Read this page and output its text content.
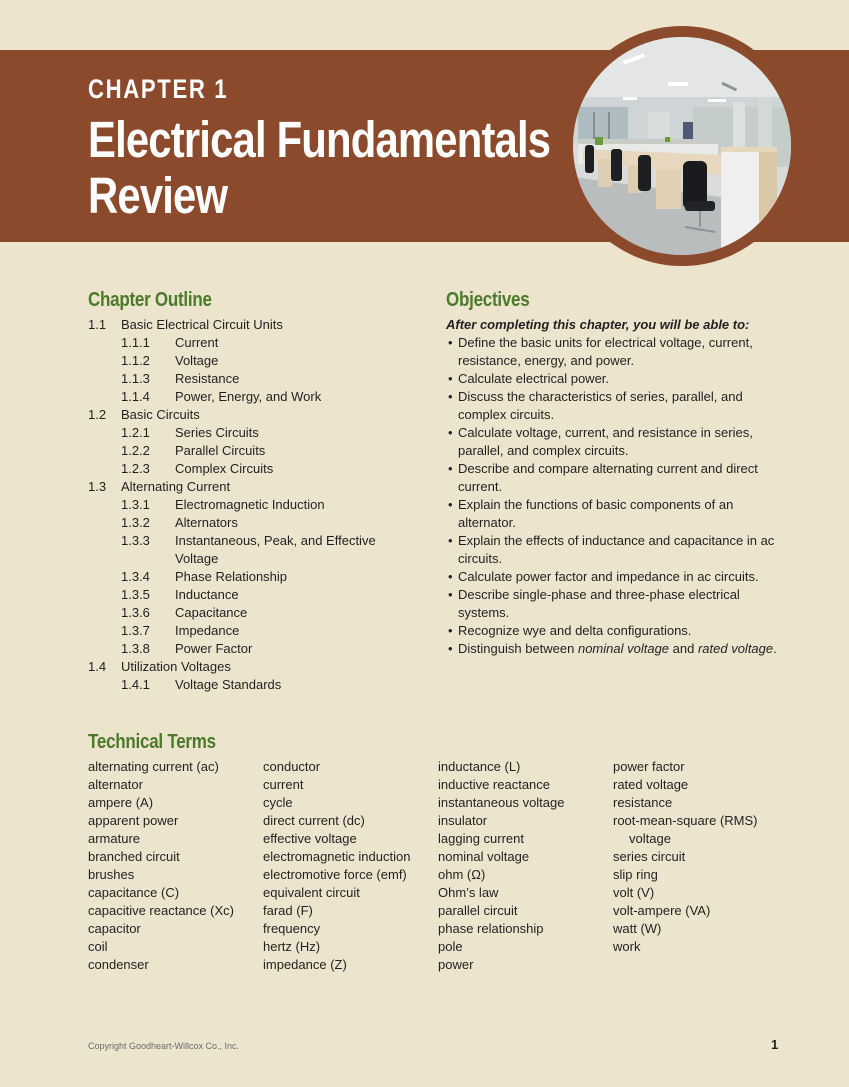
CHAPTER 1
Electrical Fundamentals
Review
Chapter Outline
1.1 Basic Electrical Circuit Units
1.1.1 Current
1.1.2 Voltage
1.1.3 Resistance
1.1.4 Power, Energy, and Work
1.2 Basic Circuits
1.2.1 Series Circuits
1.2.2 Parallel Circuits
1.2.3 Complex Circuits
1.3 Alternating Current
1.3.1 Electromagnetic Induction
1.3.2 Alternators
1.3.3 Instantaneous, Peak, and Effective
Voltage
1.3.4 Phase Relationship
1.3.5 Inductance
1.3.6 Capacitance
1.3.7 Impedance
1.3.8 Power Factor
1.4 Utilization Voltages
1.4.1 Voltage Standards
Objectives
After completing this chapter, you will be able to:
• Define the basic units for electrical voltage, current, resistance, energy, and power.
• Calculate electrical power.
• Discuss the characteristics of series, parallel, and complex circuits.
• Calculate voltage, current, and resistance in series, parallel, and complex circuits.
• Describe and compare alternating current and direct current.
• Explain the functions of basic components of an alternator.
• Explain the effects of inductance and capacitance in ac circuits.
• Calculate power factor and impedance in ac circuits.
• Describe single-phase and three-phase electrical systems.
• Recognize wye and delta configurations.
• Distinguish between nominal voltage and rated voltage.
Technical Terms
alternating current (ac)
alternator
ampere (A)
apparent power
armature
branched circuit
brushes
capacitance (C)
capacitive reactance (Xc)
capacitor
coil
condenser
conductor
current
cycle
direct current (dc)
effective voltage
electromagnetic induction
electromotive force (emf)
equivalent circuit
farad (F)
frequency
hertz (Hz)
impedance (Z)
inductance (L)
inductive reactance
instantaneous voltage
insulator
lagging current
nominal voltage
ohm (Ω)
Ohm’s law
parallel circuit
phase relationship
pole
power
power factor
rated voltage
resistance
root-mean-square (RMS)
voltage
series circuit
slip ring
volt (V)
volt-ampere (VA)
watt (W)
work
Copyright Goodheart-Willcox Co., Inc.	1
